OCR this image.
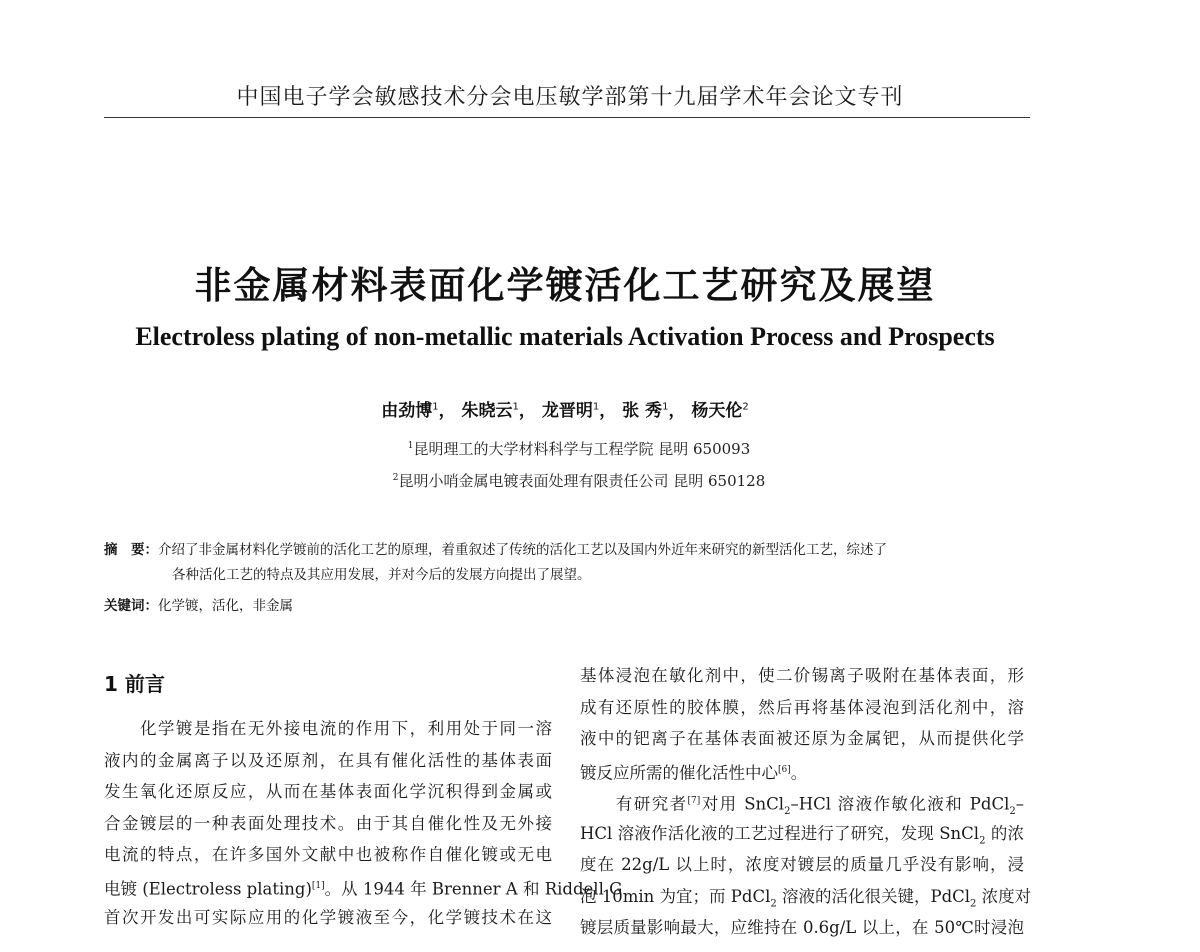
中国电子学会敏感技术分会电压敏学部第十九届学术年会论文专刊
非金属材料表面化学镀活化工艺研究及展望
Electroless plating of non-metallic materials Activation Process and Prospects
由劲博$^1$， 朱晓云$^1$， 龙晋明$^1$， 张 秀$^1$， 杨天伦$^2$
$^1$昆明理工的大学材料科学与工程学院 昆明 650093
$^2$昆明小哨金属电镀表面处理有限责任公司 昆明 650128
摘　要：介绍了非金属材料化学镀前的活化工艺的原理，着重叙述了传统的活化工艺以及国内外近年来研究的新型活化工艺，综述了
各种活化工艺的特点及其应用发展，并对今后的发展方向提出了展望。
关键词：化学镀，活化，非金属
1 前言

　　化学镀是指在无外接电流的作用下，利用处于同一溶

液内的金属离子以及还原剂，在具有催化活性的基体表面

发生氧化还原反应，从而在基体表面化学沉积得到金属或

合金镀层的一种表面处理技术。由于其自催化性及无外接

电流的特点，在许多国外文献中也被称作自催化镀或无电

电镀 (Electroless plating)[1]。从 1944 年 Brenner A 和 Riddell G

首次开发出可实际应用的化学镀液至今，化学镀技术在这

基体浸泡在敏化剂中，使二价锡离子吸附在基体表面，形

成有还原性的胶体膜，然后再将基体浸泡到活化剂中，溶

液中的钯离子在基体表面被还原为金属钯，从而提供化学

镀反应所需的催化活性中心[6]。

　　有研究者[7]对用 SnCl$_2$–HCl 溶液作敏化液和 PdCl$_2$–

HCl 溶液作活化液的工艺过程进行了研究，发现 SnCl$_2$ 的浓

度在 22g/L 以上时，浓度对镀层的质量几乎没有影响，浸

泡 10min 为宜；而 PdCl$_2$ 溶液的活化很关键，PdCl$_2$ 浓度对

镀层质量影响最大，应维持在 0.6g/L 以上，在 50℃时浸泡
